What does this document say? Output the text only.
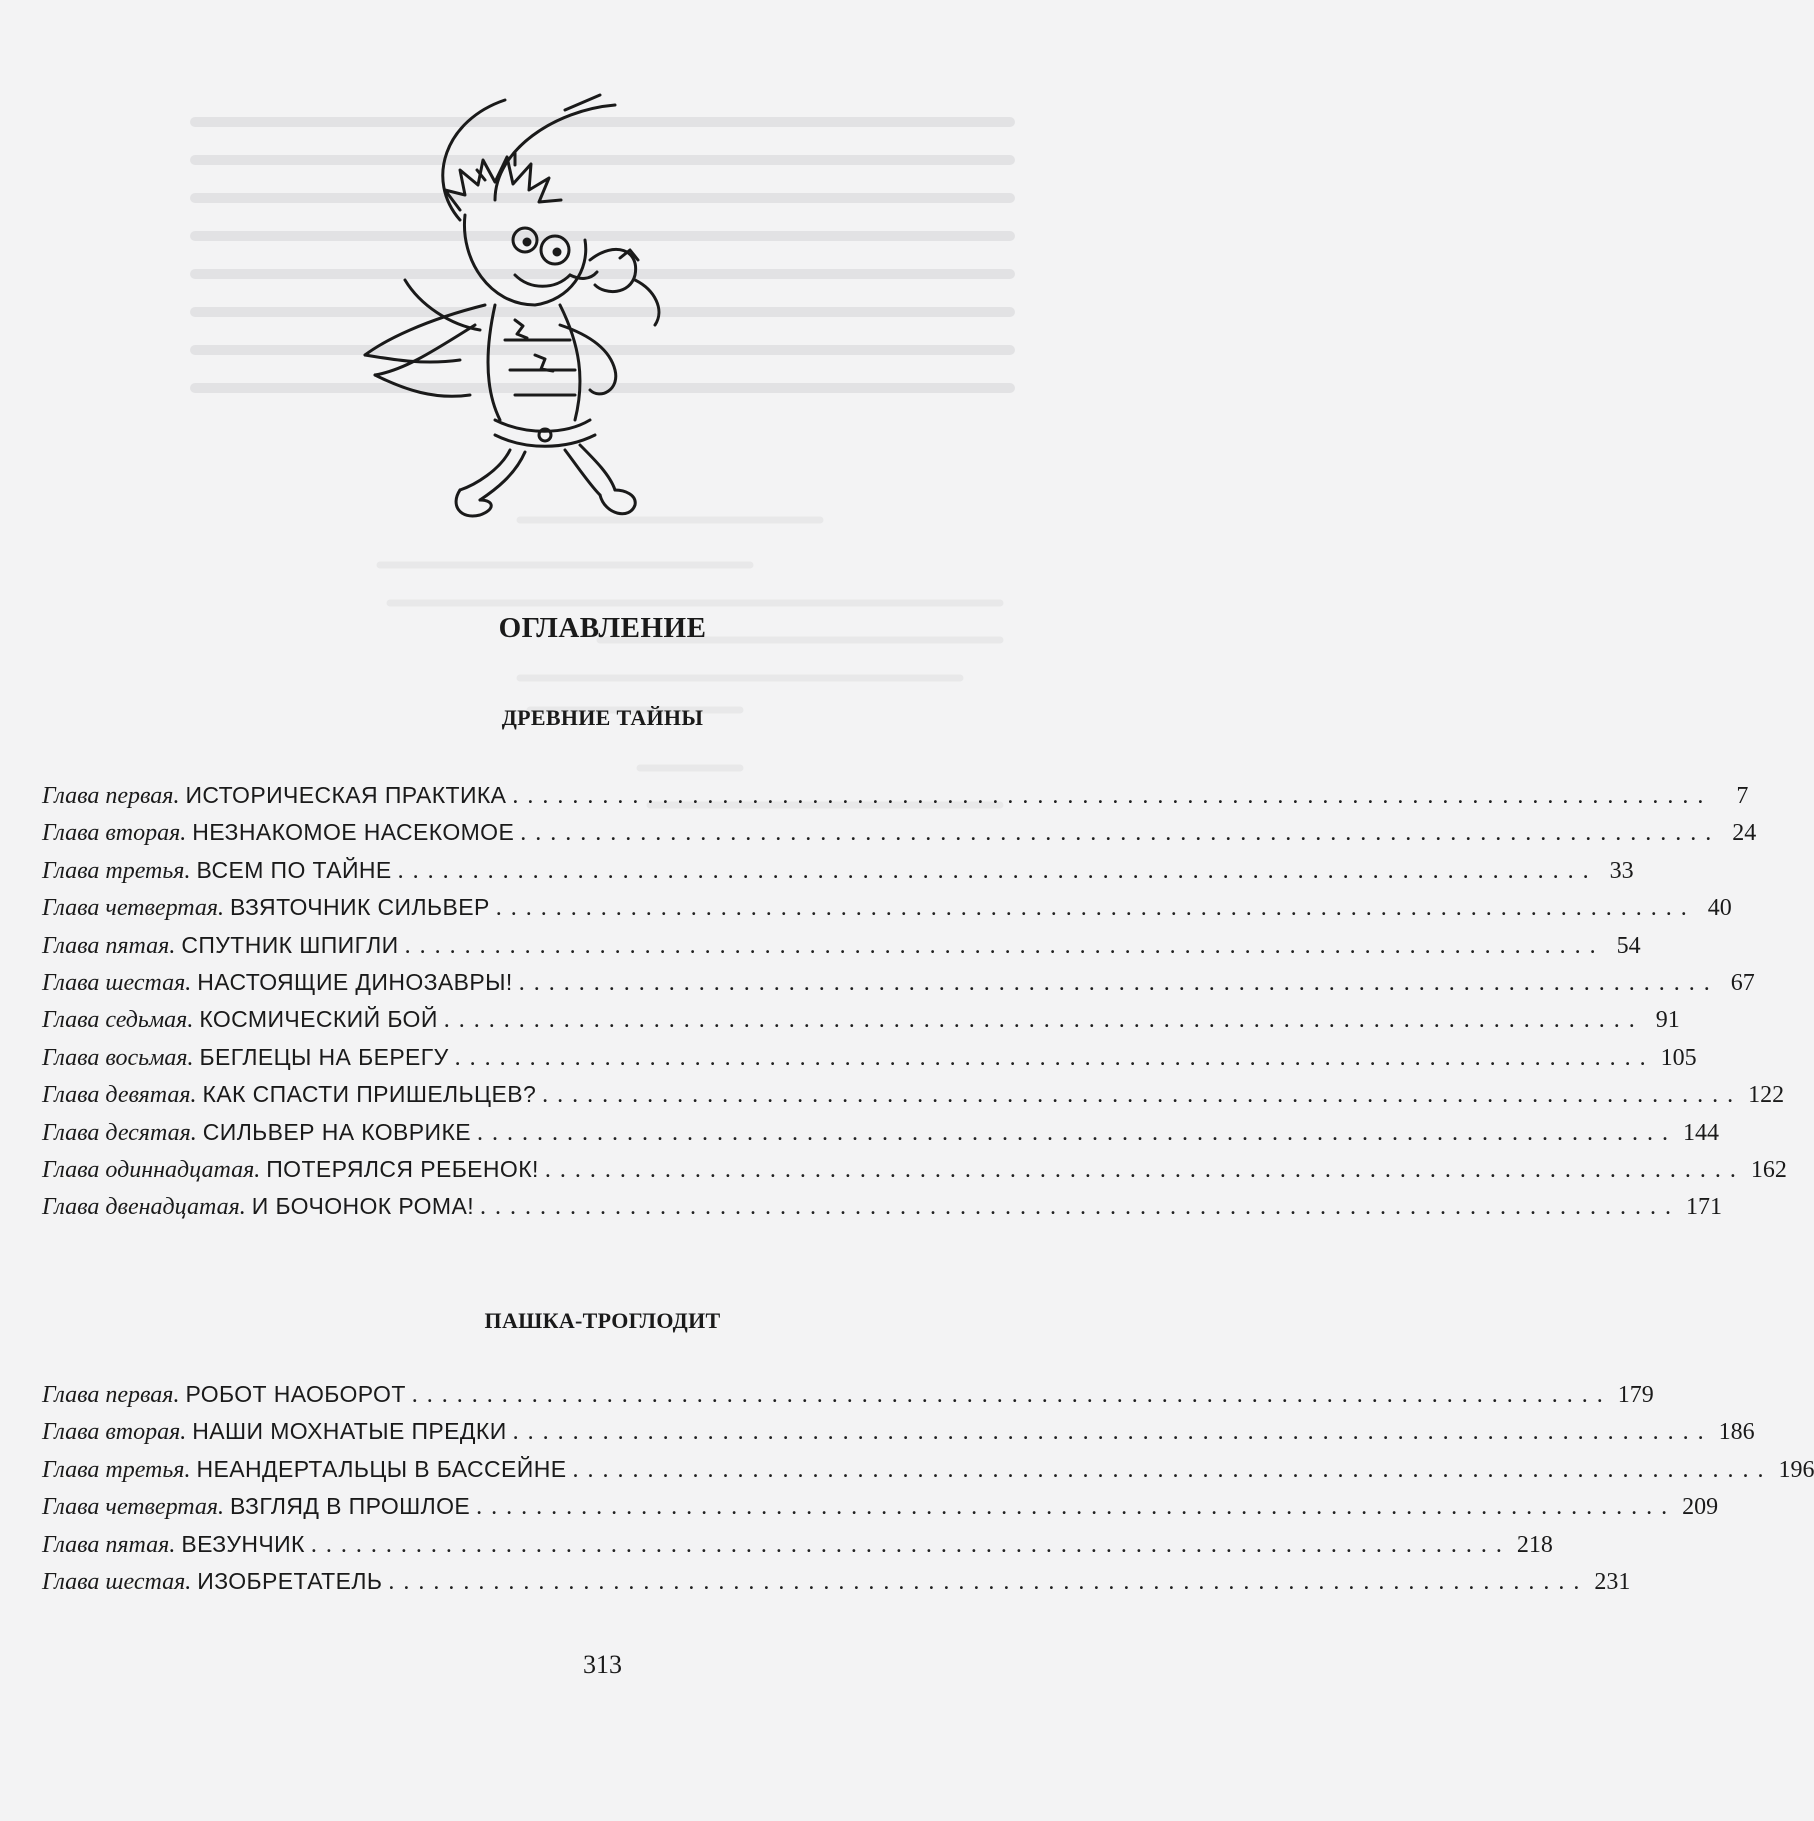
ОГЛАВЛЕНИЕ
ДРЕВНИЕ ТАЙНЫ
Глава первая. ИСТОРИЧЕСКАЯ ПРАКТИКА ................................................................................	7
Глава вторая. НЕЗНАКОМОЕ НАСЕКОМОЕ ................................................................................ 24
Глава третья. ВСЕМ ПО ТАЙНЕ ................................................................................ 33
Глава четвертая. ВЗЯТОЧНИК СИЛЬВЕР ................................................................................ 40
Глава пятая. СПУТНИК ШПИГЛИ ................................................................................ 54
Глава шестая. НАСТОЯЩИЕ ДИНОЗАВРЫ! ................................................................................ 67
Глава седьмая. КОСМИЧЕСКИЙ БОЙ ................................................................................ 91
Глава восьмая. БЕГЛЕЦЫ НА БЕРЕГУ ................................................................................ 105
Глава девятая. КАК СПАСТИ ПРИШЕЛЬЦЕВ? ................................................................................ 122
Глава десятая. СИЛЬВЕР НА КОВРИКЕ ................................................................................ 144
Глава одиннадцатая. ПОТЕРЯЛСЯ РЕБЕНОК! ................................................................................ 162
Глава двенадцатая. И БОЧОНОК РОМА! ................................................................................ 171
ПАШКА-ТРОГЛОДИТ
Глава первая. РОБОТ НАОБОРОТ ................................................................................ 179
Глава вторая. НАШИ МОХНАТЫЕ ПРЕДКИ ................................................................................ 186
Глава третья. НЕАНДЕРТАЛЬЦЫ В БАССЕЙНЕ ................................................................................ 196
Глава четвертая. ВЗГЛЯД В ПРОШЛОЕ ................................................................................ 209
Глава пятая. ВЕЗУНЧИК ................................................................................ 218
Глава шестая. ИЗОБРЕТАТЕЛЬ ................................................................................ 231
313
